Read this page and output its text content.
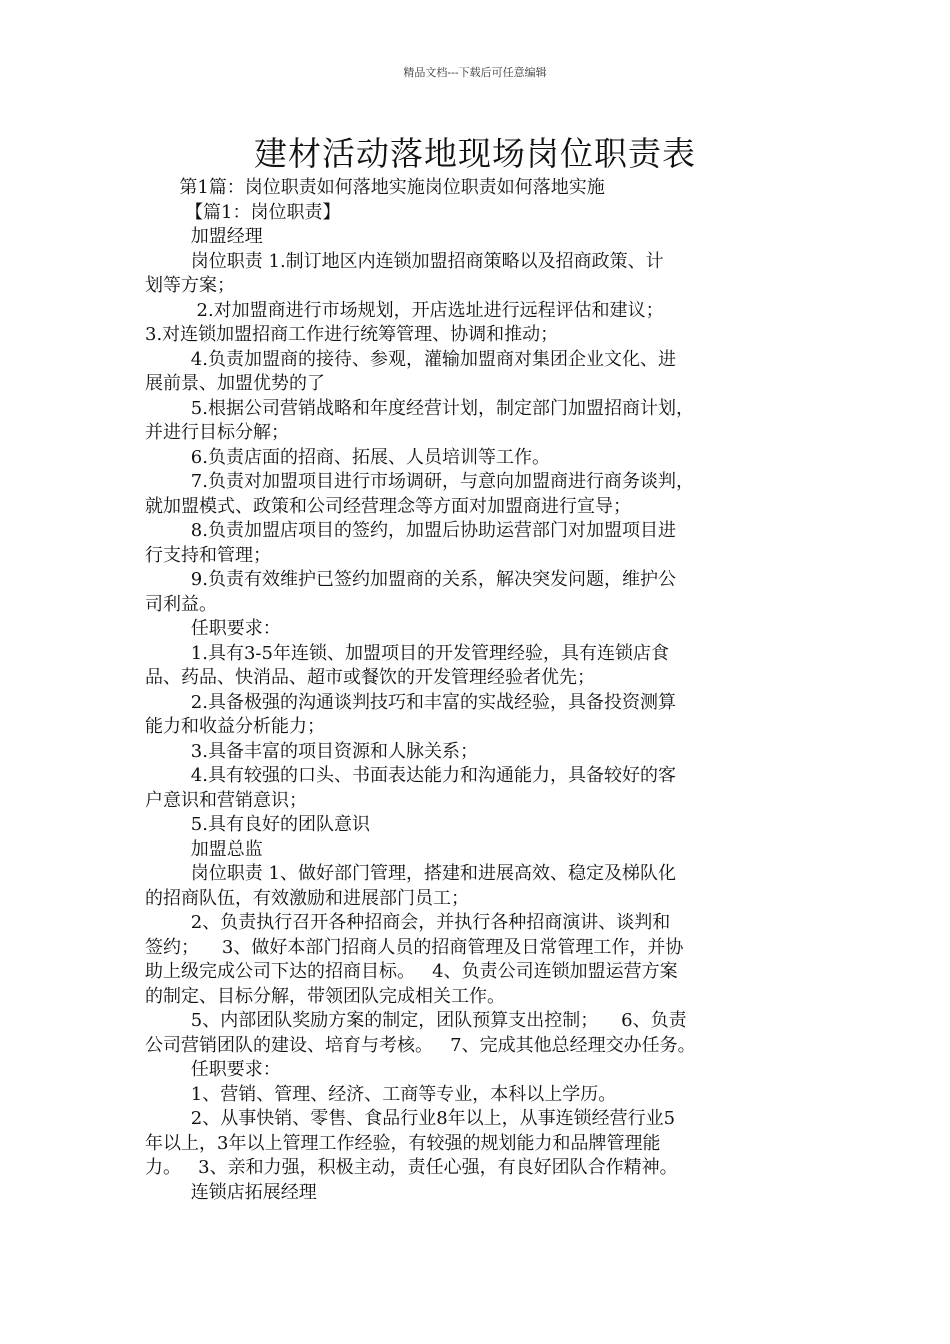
精品文档---下载后可任意编辑
建材活动落地现场岗位职责表
第1篇：岗位职责如何落地实施岗位职责如何落地实施
【篇1：岗位职责】
加盟经理
岗位职责 1.制订地区内连锁加盟招商策略以及招商政策、计
划等方案；
2.对加盟商进行市场规划，开店选址进行远程评估和建议；
3.对连锁加盟招商工作进行统筹管理、协调和推动；
4.负责加盟商的接待、参观，灌输加盟商对集团企业文化、进
展前景、加盟优势的了
5.根据公司营销战略和年度经营计划，制定部门加盟招商计划，
并进行目标分解；
6.负责店面的招商、拓展、人员培训等工作。
7.负责对加盟项目进行市场调研，与意向加盟商进行商务谈判，
就加盟模式、政策和公司经营理念等方面对加盟商进行宣导；
8.负责加盟店项目的签约，加盟后协助运营部门对加盟项目进
行支持和管理；
9.负责有效维护已签约加盟商的关系，解决突发问题，维护公
司利益。
任职要求：
1.具有3-5年连锁、加盟项目的开发管理经验，具有连锁店食
品、药品、快消品、超市或餐饮的开发管理经验者优先；
2.具备极强的沟通谈判技巧和丰富的实战经验，具备投资测算
能力和收益分析能力；
3.具备丰富的项目资源和人脉关系；
4.具有较强的口头、书面表达能力和沟通能力，具备较好的客
户意识和营销意识；
5.具有良好的团队意识
加盟总监
岗位职责 1、做好部门管理，搭建和进展高效、稳定及梯队化
的招商队伍，有效激励和进展部门员工；
2、负责执行召开各种招商会，并执行各种招商演讲、谈判和
签约；    3、做好本部门招商人员的招商管理及日常管理工作，并协
助上级完成公司下达的招商目标。   4、负责公司连锁加盟运营方案
的制定、目标分解，带领团队完成相关工作。
5、内部团队奖励方案的制定，团队预算支出控制；    6、负责
公司营销团队的建设、培育与考核。   7、完成其他总经理交办任务。
任职要求：
1、营销、管理、经济、工商等专业，本科以上学历。
2、从事快销、零售、食品行业8年以上，从事连锁经营行业5
年以上，3年以上管理工作经验，有较强的规划能力和品牌管理能
力。   3、亲和力强，积极主动，责任心强，有良好团队合作精神。
连锁店拓展经理
